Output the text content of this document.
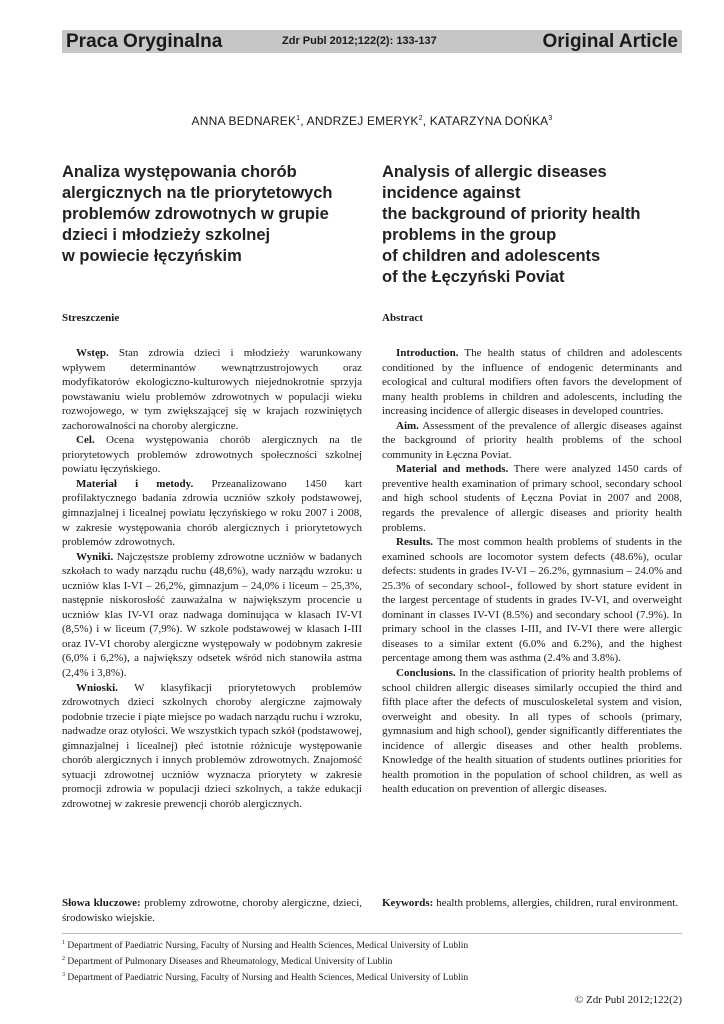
Praca Oryginalna	Zdr Publ 2012;122(2): 133-137	Original Article
ANNA BEDNAREK$^1$, ANDRZEJ EMERYK$^2$, KATARZYNA DOŃKA$^3$
Analiza występowania chorób
alergicznych na tle priorytetowych
problemów zdrowotnych w grupie
dzieci i młodzieży szkolnej
w powiecie łęczyńskim
Analysis of allergic diseases
incidence against
the background of priority health
problems in the group
of children and adolescents
of the Łęczyński Poviat
Streszczenie	Abstract

Wstęp. Stan zdrowia dzieci i młodzieży warunkowany wpływem determinantów wewnątrzustrojowych oraz modyfikatorów ekologiczno-kulturowych niejednokrotnie sprzyja powstawaniu wielu problemów zdrowotnych w populacji wieku rozwojowego, w tym zwiększającej się w krajach rozwiniętych zachorowalności na choroby alergiczne.

Cel. Ocena występowania chorób alergicznych na tle priorytetowych problemów zdrowotnych społeczności szkolnej powiatu łęczyńskiego.

Materiał i metody. Przeanalizowano 1450 kart profilaktycznego badania zdrowia uczniów szkoły podstawowej, gimnazjalnej i licealnej powiatu łęczyńskiego w roku 2007 i 2008, w zakresie występowania chorób alergicznych i priorytetowych problemów zdrowotnych.

Wyniki. Najczęstsze problemy zdrowotne uczniów w badanych szkołach to wady narządu ruchu (48,6%), wady narządu wzroku: u uczniów klas I-VI – 26,2%, gimnazjum – 24,0% i liceum – 25,3%, następnie niskorosłość zauważalna w największym procencie u uczniów klas IV-VI oraz nadwaga dominująca w klasach IV-VI (8,5%) i w liceum (7,9%). W szkole podstawowej w klasach I-III oraz IV-VI choroby alergiczne występowały w podobnym zakresie (6,0% i 6,2%), a największy odsetek wśród nich stanowiła astma (2,4% i 3,8%).

Wnioski. W klasyfikacji priorytetowych problemów zdrowotnych dzieci szkolnych choroby alergiczne zajmowały podobnie trzecie i piąte miejsce po wadach narządu ruchu i wzroku, nadwadze oraz otyłości. We wszystkich typach szkół (podstawowej, gimnazjalnej i licealnej) płeć istotnie różnicuje występowanie chorób alergicznych i innych problemów zdrowotnych. Znajomość sytuacji zdrowotnej uczniów wyznacza priorytety w zakresie promocji zdrowia w populacji dzieci szkolnych, a także edukacji zdrowotnej w zakresie prewencji chorób alergicznych.

Introduction. The health status of children and adolescents conditioned by the influence of endogenic determinants and ecological and cultural modifiers often favors the development of many health problems in children and adolescents, including the increasing incidence of allergic diseases in developed countries.

Aim. Assessment of the prevalence of allergic diseases against the background of priority health problems of the school community in Łęczna Poviat.

Material and methods. There were analyzed 1450 cards of preventive health examination of primary school, secondary school and high school students of Łęczna Poviat in 2007 and 2008, regards the prevalence of allergic diseases and priority health problems.

Results. The most common health problems of students in the examined schools are locomotor system defects (48.6%), ocular defects: students in grades IV-VI – 26.2%, gymnasium – 24.0% and 25.3% of secondary school-, followed by short stature evident in the largest percentage of students in grades IV-VI, and overweight dominant in classes IV-VI (8.5%) and secondary school (7.9%). In primary school in the classes I-III, and IV-VI there were allergic diseases to a similar extent (6.0% and 6.2%), and the highest percentage among them was asthma (2.4% and 3.8%).

Conclusions. In the classification of priority health problems of school children allergic diseases similarly occupied the third and fifth place after the defects of musculoskeletal system and vision, overweight and obesity. In all types of schools (primary, gymnasium and high school), gender significantly differentiates the incidence of allergic diseases and other health problems. Knowledge of the health situation of students outlines priorities for health promotion in the population of school children, as well as health education on prevention of allergic diseases.

Słowa kluczowe: problemy zdrowotne, choroby alergiczne, dzieci, środowisko wiejskie.
Keywords: health problems, allergies, children, rural environment.
$^1$ Department of Paediatric Nursing, Faculty of Nursing and Health Sciences, Medical University of Lublin
$^2$ Department of Pulmonary Diseases and Rheumatology, Medical University of Lublin
$^3$ Department of Paediatric Nursing, Faculty of Nursing and Health Sciences, Medical University of Lublin
© Zdr Publ 2012;122(2)
